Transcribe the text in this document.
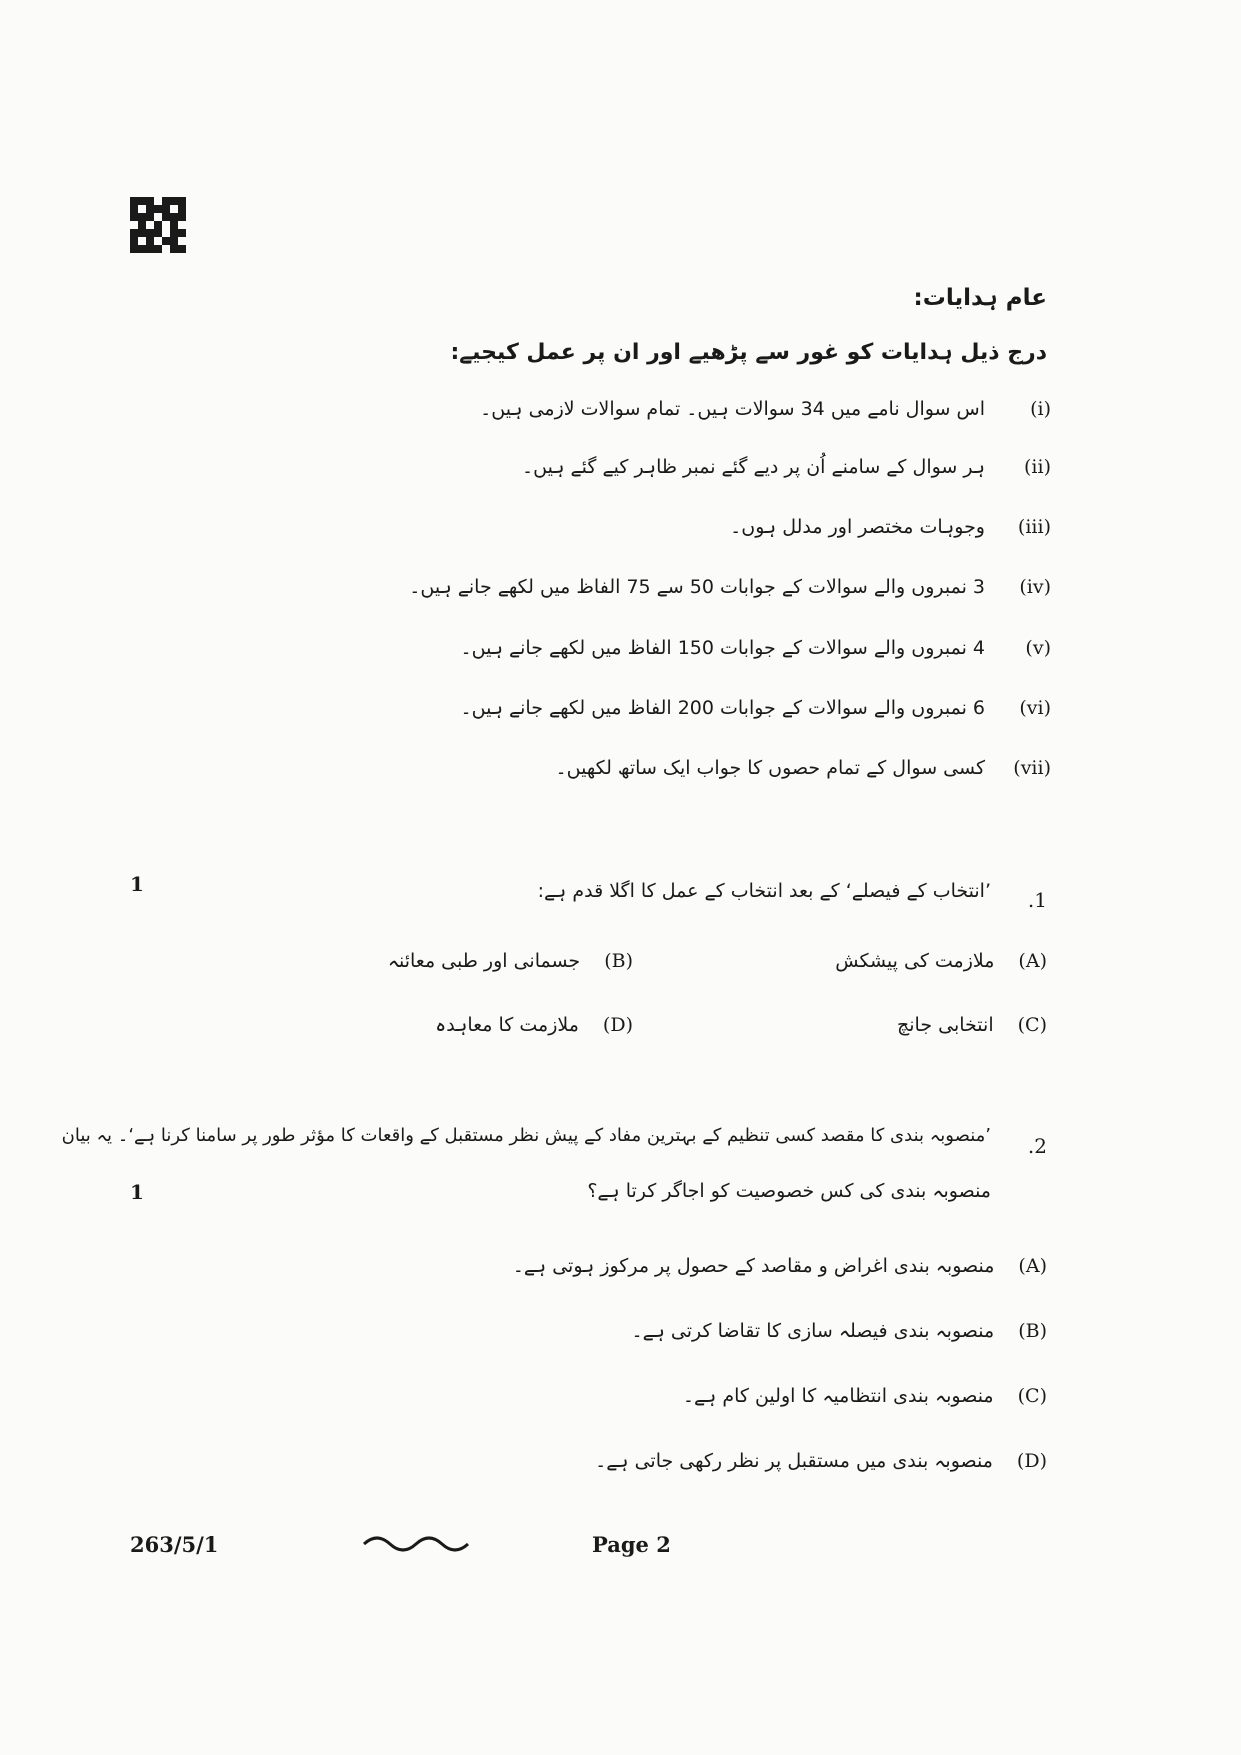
عام ہدایات:
درج ذیل ہدایات کو غور سے پڑھیے اور ان پر عمل کیجیے:
(i)اس سوال نامے میں 34 سوالات ہیں۔ تمام سوالات لازمی ہیں۔
(ii)ہر سوال کے سامنے اُن پر دیے گئے نمبر ظاہر کیے گئے ہیں۔
(iii)وجوہات مختصر اور مدلل ہوں۔
(iv)3 نمبروں والے سوالات کے جوابات 50 سے 75 الفاظ میں لکھے جانے ہیں۔
(v)4 نمبروں والے سوالات کے جوابات 150 الفاظ میں لکھے جانے ہیں۔
(vi)6 نمبروں والے سوالات کے جوابات 200 الفاظ میں لکھے جانے ہیں۔
(vii)کسی سوال کے تمام حصوں کا جواب ایک ساتھ لکھیں۔
1
.1
’انتخاب کے فیصلے‘ کے بعد انتخاب کے عمل کا اگلا قدم ہے:
(A)ملازمت کی پیشکش
(B)جسمانی اور طبی معائنہ
(C)انتخابی جانچ
(D)ملازمت کا معاہدہ
.2
’منصوبہ بندی کا مقصد کسی تنظیم کے بہترین مفاد کے پیش نظر مستقبل کے واقعات کا مؤثر طور پر سامنا کرنا ہے‘۔ یہ بیان
1	منصوبہ بندی کی کس خصوصیت کو اجاگر کرتا ہے؟
(A)منصوبہ بندی اغراض و مقاصد کے حصول پر مرکوز ہوتی ہے۔
(B)منصوبہ بندی فیصلہ سازی کا تقاضا کرتی ہے۔
(C)منصوبہ بندی انتظامیہ کا اولین کام ہے۔
(D)منصوبہ بندی میں مستقبل پر نظر رکھی جاتی ہے۔
263/5/1	Page 2
